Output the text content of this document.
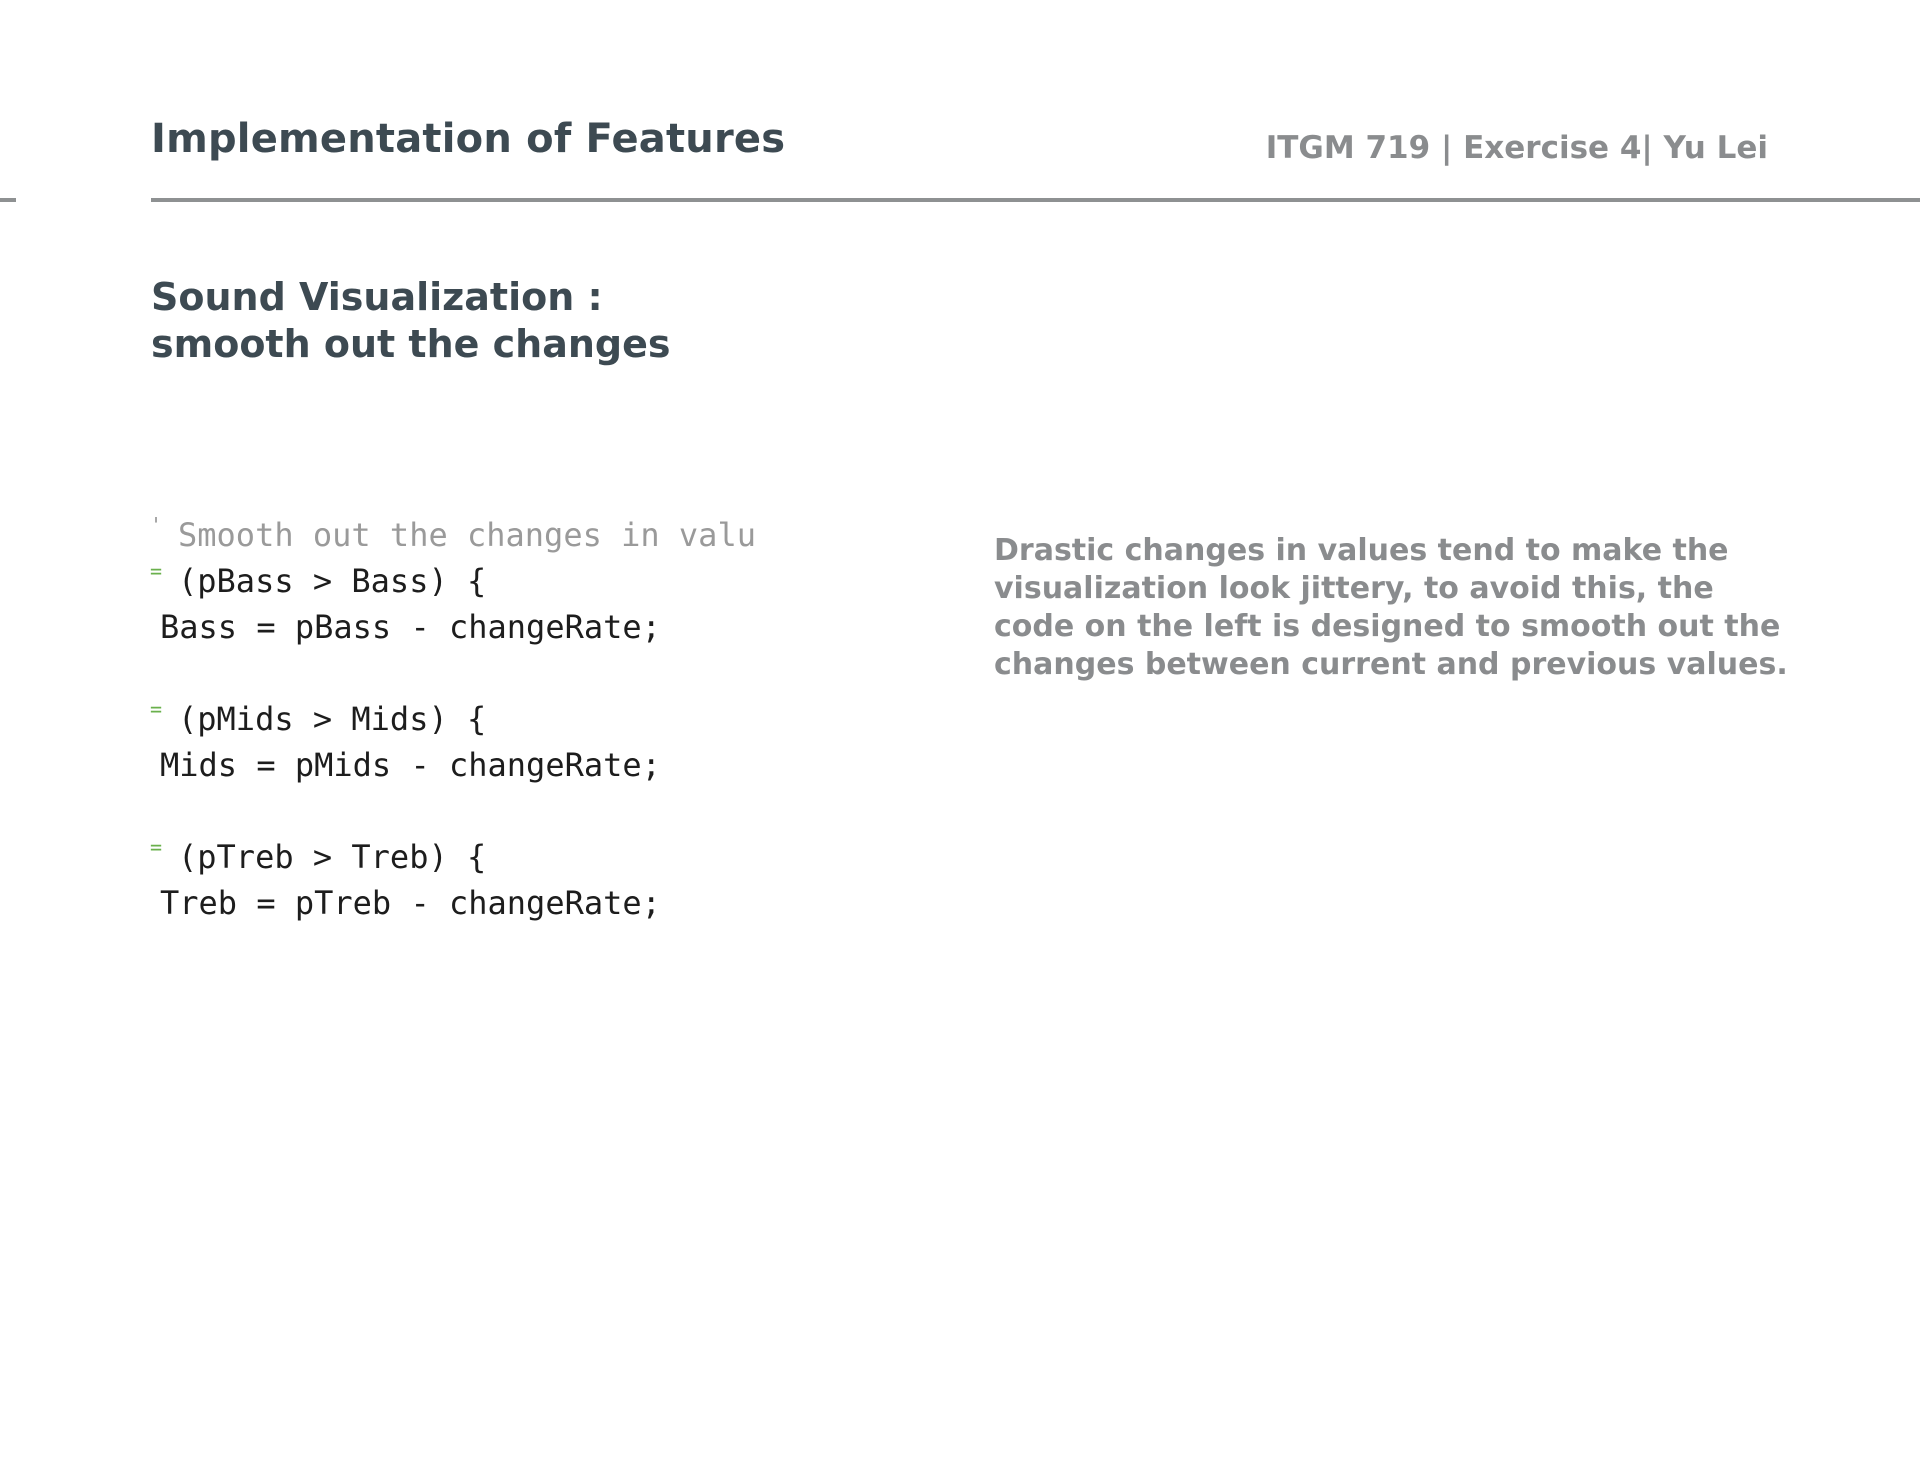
Implementation of Features	ITGM 719 | Exercise 4| Yu Lei
Sound Visualization :
smooth out the changes
' Smooth out the changes in valu
= (pBass > Bass) {
Bass = pBass - changeRate;
= (pMids > Mids) {
Mids = pMids - changeRate;
= (pTreb > Treb) {
Treb = pTreb - changeRate;
Drastic changes in values tend to make the
visualization look jittery, to avoid this, the
code on the left is designed to smooth out the
changes between current and previous values.
